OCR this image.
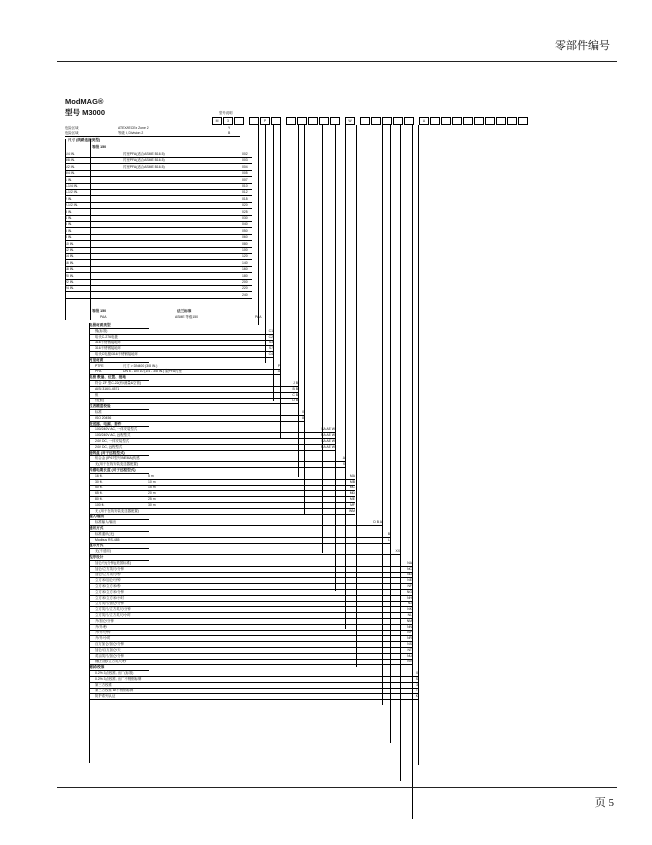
零部件编号
ModMAG®
型号 M3000	型号说明
M	3	P	W	A
危险区域	ATEX/IECEx Zone 2	Y
危险区域	等级 I, Division 2	B
尺寸 (线路连接类型)
等级 150
1/4 IN.	衬里PFA(适合ASME B16.5)	002
3/8 IN.	衬里PFA(适合ASME B16.5)	003
1/2 IN.	衬里PFA(适合ASME B16.5)	004
3/4 IN.	005
1 IN.	007
1-1/4 IN.	010
1-1/2 IN.	012
2 IN.	015
2-1/2 IN.	020
3 IN.	025
4 IN.	030
5 IN.	040
6 IN.	050
8 IN.	060
10 IN.	080
12 IN.	100
14 IN.	120
16 IN.	140
18 IN.	160
20 IN.	180
22 IN.	200
24 IN.	220
240
等级 150	法兰标准
PAA	ASME 等级150	PAA
电极材质类型
镍(标准)	C1
哈氏C-276电极	C2
316不锈钢接地环	S3
316不锈钢接地环	S7
哈氏C电极/316不锈钢接地环	C4
衬里材质
PTFE	尺寸 > DN400 (3/8 IN.)	P
PFA	DN 6 - DN 10 (1/4 - 3/8 IN.) 限PFA衬里	A
电极 数量、位置、接地
符合 ZF 型C-22(有/测量&空管)	J B
AISI 316/1.4571	B B
钽	C B
钛(镀)	D B
仪表精度校验
标准	0
ISO 20456	8
变送器、电源、套件
100/240V AC, 一体安装型式	SA AE W
100/240V AC, 远程型式	RA AE W
24V DC, 一体安装型式	SA AE W
24V DC, 远程型式	RA AE W
接线盒 (对于远程型式)
铝合金 (IP67型号/NEMA)传感	A
无(用于在线安装变送器配置)	X
传感电缆长度 (对于远程型式)
16 ft.	5 m	MA
30 ft.	10 m	MB
50 ft.	15 m	MC
65 ft.	20 m	MD
80 ft.	25 m	ME
100 ft.	30 m	MF
无 (用于在线安装变送器配置)	WM
输入/输出
标准输入/输出	D B A
通讯方式
标准通讯(无)	B
Modbus RS-485	L
显示方式
无(不适用)	XX
程序设计
加仑/分(分钟)(美国标准)	NA
加仑/立方英尺/分钟	NC
加仑/立方英尺/秒	ND
立方米/加仑/分钟	NE
立方米/立方米/秒	NF
立方米/立方米/分钟	NG
立方米/立方米/小时	NH
立方英尺/加仑/分钟	NJ
立方英尺/立方英尺/分钟	NK
立方英尺/立方英尺/小时	NL
升/加仑/分钟	NM
升/升/秒	NN
升/升/分钟	NP
升/升/小时	NR
百万加仑/加仑/分钟	NS
加仑/百万加仑/天	NT
英亩英尺/加仑/分钟	NU
桶(石油)/立方英尺/秒	NV
测试/校准
0.2% 3点校准, 出厂(标准)	0
0.2% 3点校准, 出厂不锈钢标牌	S
第三方校准	3
第三方校准 w/不锈钢标牌	T
防护系列认证	K
页 5
